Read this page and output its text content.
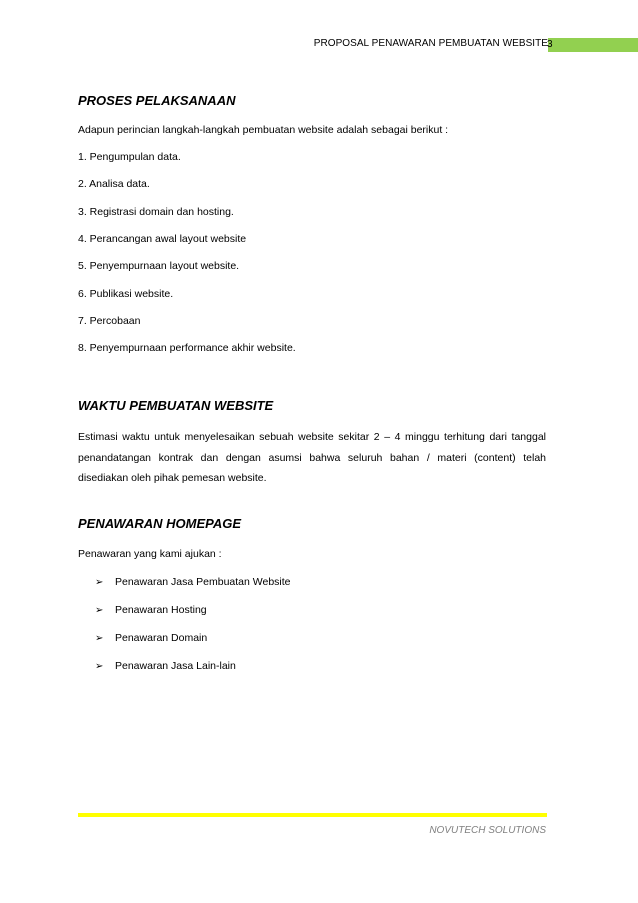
PROPOSAL PENAWARAN PEMBUATAN WEBSITE 3
PROSES PELAKSANAAN
Adapun perincian langkah-langkah pembuatan website adalah sebagai berikut :
1. Pengumpulan data.
2. Analisa data.
3. Registrasi domain dan hosting.
4. Perancangan awal layout website
5. Penyempurnaan layout website.
6. Publikasi website.
7. Percobaan
8. Penyempurnaan performance akhir website.
WAKTU PEMBUATAN WEBSITE
Estimasi waktu untuk menyelesaikan sebuah website sekitar 2 – 4 minggu terhitung dari tanggal
penandatangan kontrak dan dengan asumsi bahwa seluruh bahan / materi (content) telah
disediakan oleh pihak pemesan website.
PENAWARAN HOMEPAGE
Penawaran yang kami ajukan :
➢	Penawaran Jasa Pembuatan Website
➢	Penawaran Hosting
➢	Penawaran Domain
➢	Penawaran Jasa Lain-lain
NOVUTECH SOLUTIONS
